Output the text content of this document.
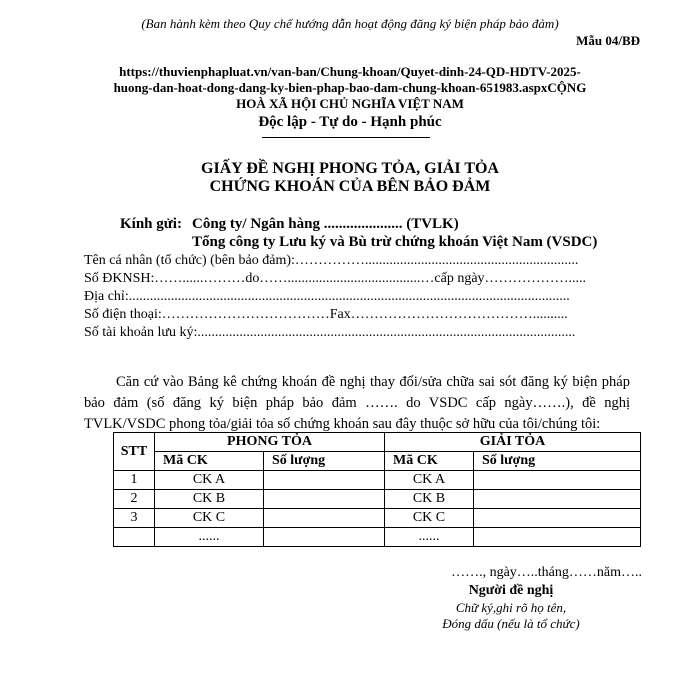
(Ban hành kèm theo Quy chế hướng dẫn hoạt động đăng ký biện pháp bảo đảm)
Mẫu 04/BĐ
https://thuvienphapluat.vn/van-ban/Chung-khoan/Quyet-dinh-24-QD-HDTV-2025-
huong-dan-hoat-dong-dang-ky-bien-phap-bao-dam-chung-khoan-651983.aspxCỘNG
HOÀ XÃ HỘI CHỦ NGHĨA VIỆT NAM
Độc lập - Tự do - Hạnh phúc
GIẤY ĐỀ NGHỊ PHONG TỎA, GIẢI TỎA
CHỨNG KHOÁN CỦA BÊN BẢO ĐẢM
Kính gửi: Công ty/ Ngân hàng ..................... (TVLK)
Tổng công ty Lưu ký và Bù trừ chứng khoán Việt Nam (VSDC)
Tên cá nhân (tổ chức) (bên bảo đảm):…………….............................................................
Số ĐKNSH:……......………do……......................................…cấp ngày……………….....
Địa chỉ:..............................................................................................................................
Số điện thoại:………………………………Fax…………………………………..........
Số tài khoản lưu ký:............................................................................................................
Căn cứ vào Bảng kê chứng khoán đề nghị thay đổi/sửa chữa sai sót đăng ký biện pháp bảo đảm (số đăng ký biện pháp bảo đảm ……. do VSDC cấp ngày…….), đề nghị TVLK/VSDC phong tỏa/giải tỏa số chứng khoán sau đây thuộc sở hữu của tôi/chúng tôi:
STT	PHONG TỎA		GIẢI TỎA	
	Mã CK	Số lượng	Mã CK	Số lượng
1	CK A		CK A	
2	CK B		CK B	
3	CK C		CK C	
	......		......	
……., ngày…..tháng……năm…..
Người đề nghị
Chữ ký,ghi rõ họ tên,
Đóng dấu (nếu là tổ chức)
